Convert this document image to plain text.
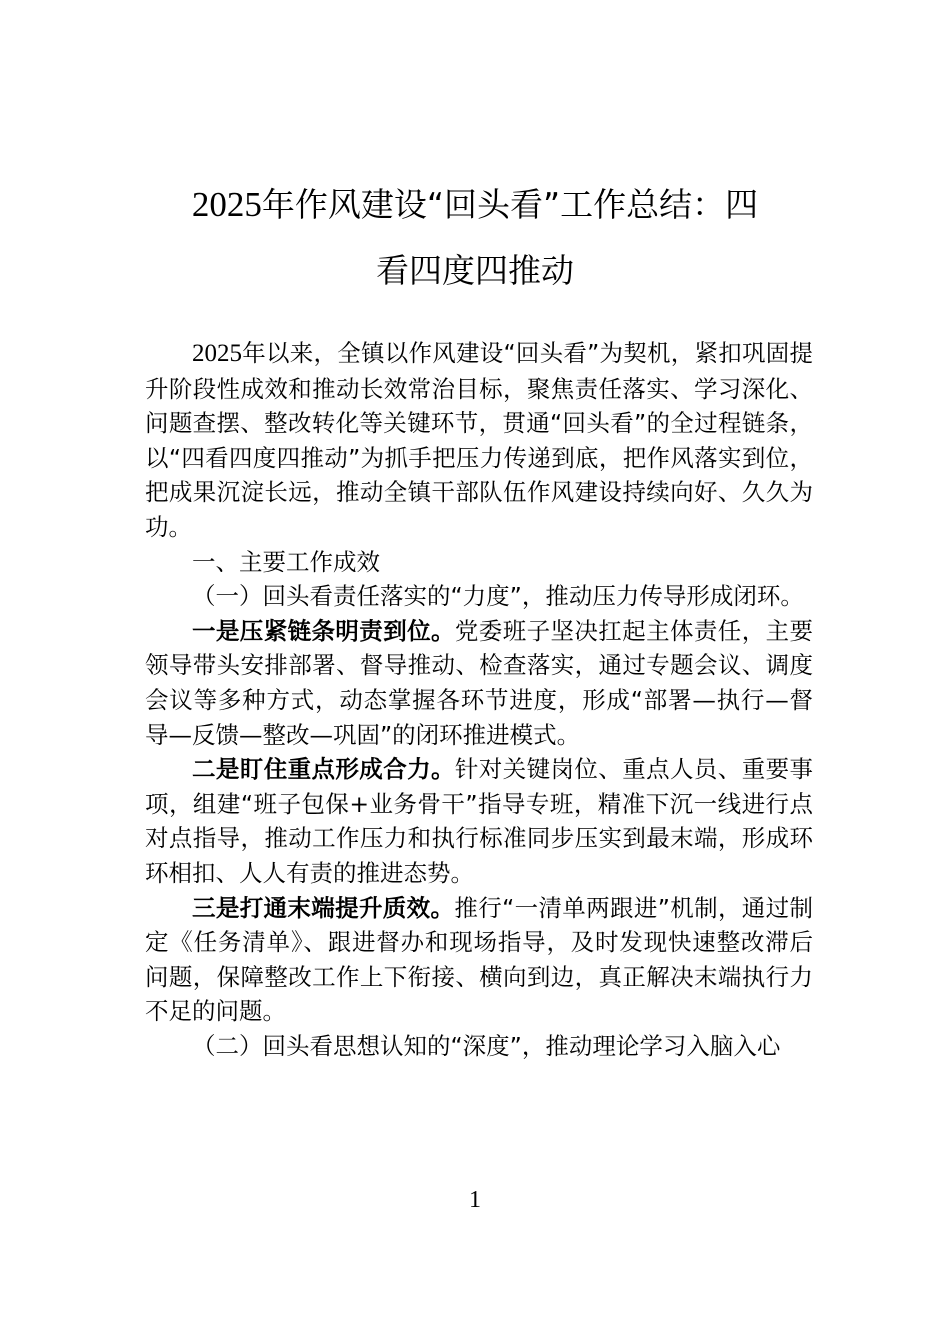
2025年作风建设“回头看”工作总结：四
看四度四推动

2025年以来，全镇以作风建设“回头看”为契机，紧扣巩固提升阶段性成效和推动长效常治目标，聚焦责任落实、学习深化、问题查摆、整改转化等关键环节，贯通“回头看”的全过程链条，以“四看四度四推动”为抓手把压力传递到底，把作风落实到位，把成果沉淀长远，推动全镇干部队伍作风建设持续向好、久久为功。

一、主要工作成效

（一）回头看责任落实的“力度”，推动压力传导形成闭环。

一是压紧链条明责到位。党委班子坚决扛起主体责任，主要领导带头安排部署、督导推动、检查落实，通过专题会议、调度会议等多种方式，动态掌握各环节进度，形成“部署—执行—督导—反馈—整改—巩固”的闭环推进模式。

二是盯住重点形成合力。针对关键岗位、重点人员、重要事项，组建“班子包保+业务骨干”指导专班，精准下沉一线进行点对点指导，推动工作压力和执行标准同步压实到最末端，形成环环相扣、人人有责的推进态势。

三是打通末端提升质效。推行“一清单两跟进”机制，通过制定《任务清单》、跟进督办和现场指导，及时发现快速整改滞后问题，保障整改工作上下衔接、横向到边，真正解决末端执行力不足的问题。

（二）回头看思想认知的“深度”，推动理论学习入脑入心

1
